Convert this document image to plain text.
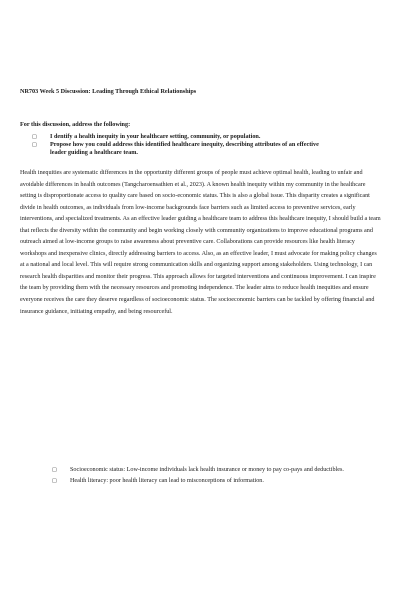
NR703 Week 5 Discussion: Leading Through Ethical Relationships
For this discussion, address the following:
□	I dentify a health inequity in your healthcare setting, community, or population.
□	Propose how you could address this identified healthcare inequity, describing attributes of an effective leader guiding a healthcare team.
Health inequities are systematic differences in the opportunity different groups of people must achieve optimal health, leading to unfair and avoidable differences in health outcomes (Tangcharoensathien et al., 2023). A known health inequity within my community in the healthcare setting is disproportionate access to quality care based on socio-economic status. This is also a global issue. This disparity creates a significant divide in health outcomes, as individuals from low-income backgrounds face barriers such as limited access to preventive services, early interventions, and specialized treatments. As an effective leader guiding a healthcare team to address this healthcare inequity, I should build a team that reflects the diversity within the community and begin working closely with community organizations to improve educational programs and outreach aimed at low-income groups to raise awareness about preventive care. Collaborations can provide resources like health literacy workshops and inexpensive clinics, directly addressing barriers to access. Also, as an effective leader, I must advocate for making policy changes at a national and local level. This will require strong communication skills and organizing support among stakeholders. Using technology, I can research health disparities and monitor their progress. This approach allows for targeted interventions and continuous improvement. I can inspire the team by providing them with the necessary resources and promoting independence. The leader aims to reduce health inequities and ensure everyone receives the care they deserve regardless of socioeconomic status. The socioeconomic barriers can be tackled by offering financial and insurance guidance, initiating empathy, and being resourceful.
□	Socioeconomic status: Low-income individuals lack health insurance or money to pay co-pays and deductibles.
□	Health literacy: poor health literacy can lead to misconceptions of information.
